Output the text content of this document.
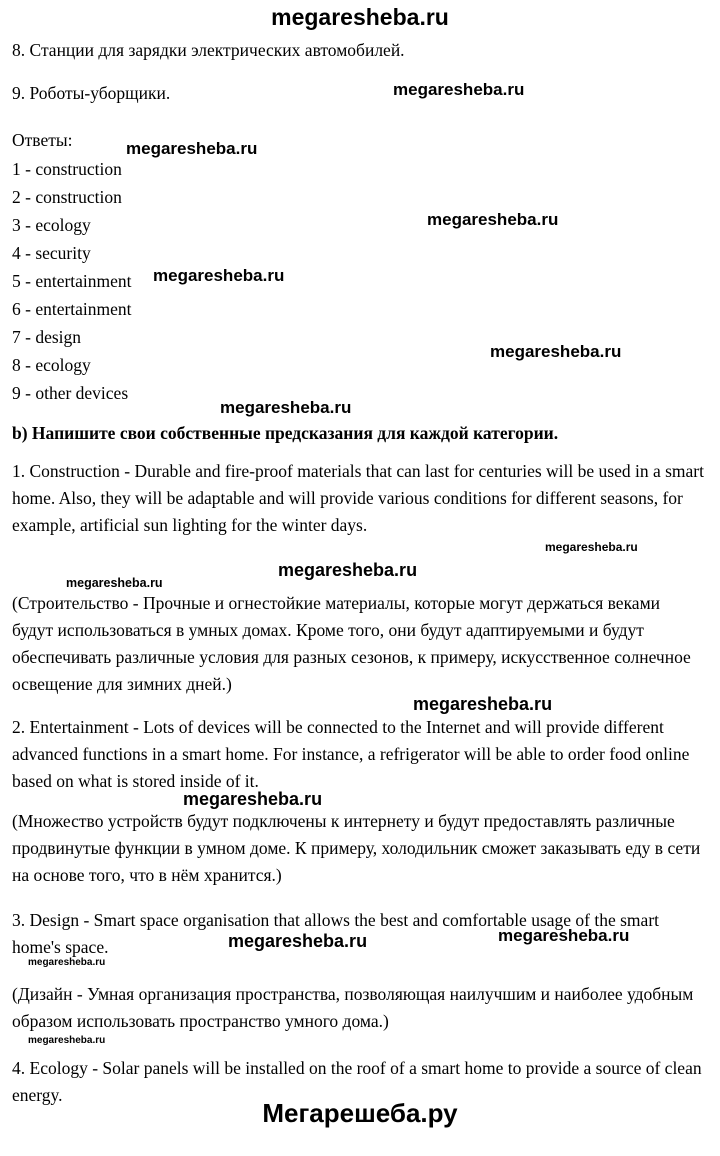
megaresheba.ru
megaresheba.ru
megaresheba.ru
megaresheba.ru
megaresheba.ru
megaresheba.ru
megaresheba.ru
megaresheba.ru
megaresheba.ru
megaresheba.ru
megaresheba.ru
megaresheba.ru
megaresheba.ru	megaresheba.ru
megaresheba.ru
megaresheba.ru
Мегарешеба.ру

8. Станции для зарядки электрических автомобилей.

9. Роботы-уборщики.

Ответы:

1 - construction

2 - construction

3 - ecology

4 - security

5 - entertainment

6 - entertainment

7 - design

8 - ecology

9 - other devices

b) Напишите свои собственные предсказания для каждой категории.

1. Construction - Durable and fire-proof materials that can last for centuries will be used in a smart home. Also, they will be adaptable and will provide various conditions for different seasons, for example, artificial sun lighting for the winter days.

(Строительство - Прочные и огнестойкие материалы, которые могут держаться веками будут использоваться в умных домах. Кроме того, они будут адаптируемыми и будут обеспечивать различные условия для разных сезонов, к примеру, искусственное солнечное освещение для зимних дней.)

2. Entertainment - Lots of devices will be connected to the Internet and will provide different advanced functions in a smart home. For instance, a refrigerator will be able to order food online based on what is stored inside of it.

(Множество устройств будут подключены к интернету и будут предоставлять различные продвинутые функции в умном доме. К примеру, холодильник сможет заказывать еду в сети на основе того, что в нём хранится.)

3. Design - Smart space organisation that allows the best and comfortable usage of the smart home's space.

(Дизайн - Умная организация пространства, позволяющая наилучшим и наиболее удобным образом использовать пространство умного дома.)

4. Ecology - Solar panels will be installed on the roof of a smart home to provide a source of clean energy.
